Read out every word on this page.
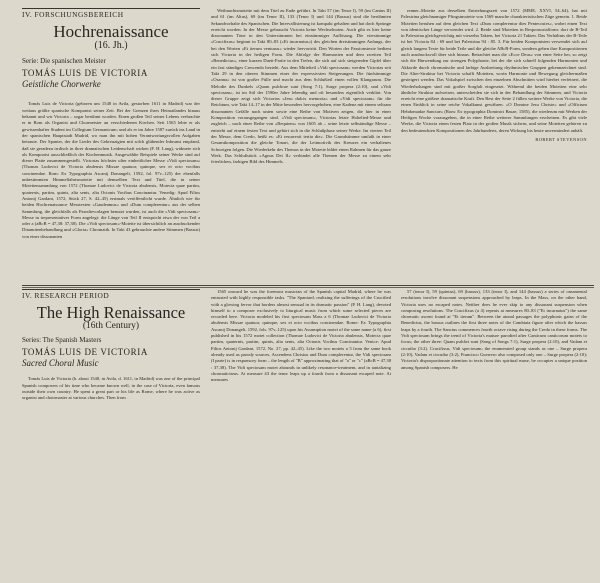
IV. FORSCHUNGSBEREICH
Hochrenaissance
(16. Jh.)
Serie: Die spanischen Meister
TOMÁS LUIS DE VICTORIA
Geistliche Chorwerke

Tomás Luis de Victoria (geboren um 1548 in Avila, gestorben 1611 in Madrid) war der weitaus größte spanische Komponist seiner Zeit. Bei der Grenzen ihres Heimatlandes hinaus bekannt und wir Victoria – sogar berühmt worden. Einen großen Teil seines Lebens verbrachte er in Rom als Organist und Chormeister an verschiedenen Kirchen. Seit 1565 lebte er als gewissenhafter Student im Collegium Germanicum; und als er im Jahre 1587 zurück ins Land in der spanischen Hauptstadt Madrid, wo man ihn mit hohen Verantwortungsvollen Aufgaben betraute. Der Spanier, der die Lieder des Gekreuzigten mit solch glühender Inbrunst empfand, daß sie geradezu irrdisch in ihrer dramatischen Leidenschaft wirken (F. H. Lang), widmete sich als Komponist ausschließlich der Kirchenmusik. Ausgewählte Beispiele seiner Werke sind auf dieser Platte zusammengestellt. Victorias höchster ulter einheitlicher Messe »Vidi speciosam« (Thomas Ludovici de Victoria abulensis Missae quatuor, quinque, sex et octo vocibus concinendae. Rom: Ex Typographia Ascanij Donangeli, 1592, fol. 97v–125) der ebenfalls unbestimmten Himmelfahrtsmotette mit demselben Text und Titel, die in seiner Motettensammlung von 1572 (Thomae Ludovici de Victoria abulensis, Motecta quae partim, quaternis, partim, quinis, alia senis, alia Octonis Vocibus Concinantur. Venedig: Apud Filios Antonij Gardani, 1572, Stück 27, S. 42–45) erstmals veröffentlicht wurde. Ähnlich wie für beiden Hochrenaissance Messtexten »Gaudeamus« und »Dum complerentur« aus der selben Sammlung, die gleichfalls als Parodievorlagen benutzt wurden, ist auch die »Vidi speciosam«-Messe in trepresentativer Form angelegt: die Länge von Teil II entspricht etwa der von Teil a oder a (aBcB = 47,38: 37,38). Die »Vidi speciosam«-Motette ist übersichtlich an ausdruckender Dinamitenbehandlung und »Gloria« Chromatik. In Takt 43 gebrauchte andere Stimmen (Bassus) von einer dissonanten

Weihnachtsmotette mit dem Titel zu Ende geführt. In Takt 57 (im Tenor I), 59 (im Cantus II) und 61 (im Altus), 69 (im Tenor II), 133 (Tenor I) und 144 (Bassus) sind die berühmten Sekundvorhalte des Spanischen. Die Intervallisierung ist kompakt gehalten und hat doch Sprünge erreicht worden. In der Messe gebraucht Victoria keine Wechselnoten. Auch gibt es hier keine dissonanten Töne in den Unterstimmen bei einstimmiger Auflösung. Die vierstimmige »Crucifixus« beginnt in Takt 80–83 (»Et incarnatus«) des gleichen dreistimmigen Anfangs, der bei den Worten »Et iterum venturus« wieder hervortritt. Den Worten der Passionstexte bedient sich Victoria in der heiligen Form. Die Abfolge der Harmonien und dem zweiten Teil »Benedictus«, einer kurzen Duett-Partie in den Tiefen, die sich auf sich steigernden Gipfel über ein fast ständiges Crescendo bezieht. Aus dem Mittelteil »Vidi speciosam« werden Victorias seit Takt 29 in den oberen Stimmen einer der expressivsten Steigerungen. Die fünfstimmige »Osanna« ist von großer Fülle und macht aus dem Schlußteil einen vollen Klangraum. Die Melodie des Dunkels »Quam pulchrae sunt (Song 7:1), Surge propera (2:10), und »Vidi speciosam«, ist im Stil der 1590er Jahre lebendig und oft besonders eigentlich verklärt. Von dieser Gruppe zeigt sich Victorias »Jesu dulcis memoria« und »Vidi speciosam« für die Reichtum, wie Takt 14–17 in der Mitte besonders hervorgehoben, eine Kadenz mit einem seltsam dissonanten Gefälle nach unten sowie eine Reihe von Motiven zeigen, die hier in einer Komposition vorausgegangen sind. »Vidi speciosam«, Victorias letzte Hohelied-Messe und zugleich – nach einer Reihe von »Requiem« von 1605 ab – seine letzte selbständige Messe – entsteht auf einem festen Text und gehört sich in die Schlußphase seiner Werke. Im vierten Teil der Messe, dem Credo, heißt es: »Et resurrexit tertia die«. Die Grundstimme umfaßt in einer Gesamtkomposition die gleiche Tonart, die der Leitmotivik des Kreuzes ein verhaltenes Schweigen folgen. Die Wiederkehr des Themas in der Motette bildet einen Rahmen für das ganze Werk. Das Schlußstück »Agnus Dei II« verbindet alle Themen der Messe zu einem sehr feierlichen, farbigen Bild des Himmels.

renner–Motette aus derselben Entstehungszeit von 1572 (MME, XXVI, 54–64), hat mit Palestrina gleichnamiger Pfingstmotette von 1569 manche charakteristischen Züge gemein. 1. Beide Motetten beruhen auf dem gleichen Text »Dum complerentur dies Pentecostes«, wobei einen Text von identischer Länge verwendet wird. 2. Beide sind Motetten in Responsorialform: dort de B-Teil in Palestrina gleichgewichtig mit vierzehn Takten, bei Victoria 21 Takten. Das Verhältnis der B-Teile ist bei Victoria 84 : 69 und bei Palestrina 94 : 85. 3. Für beiden Komponisten verwendet sich auf gleich langem Texte für beide Teile und die gleiche ABcB-Form, sondern gehen ihre Kompositionen auch ausdrucksvoll über sich hinaus. Betrachtet man die »Ecce Deus« von einer Seite her, so zeigt sich die Hinwendung zur strengen Polyphonie, bei der die sich schnell folgenden Harmonien und Akkorde durch chromatische und farbige Ausbreitung rhythmischer Gruppen gekennzeichnet sind. Die Alter-Struktur bei Victoria schafft Motetten, worin Harmonie und Bewegung gleichermaßen gesteigert werden. Das Vokalspiel zwischen den einzelnen Abschnitten wird hierbei verfeinert, die Wiederholungen sind mit großer Sorgfalt eingesetzt. Während die beiden Motetten eine sehr ähnliche Struktur aufweisen, unterscheiden sie sich in der Behandlung der Stimmen, und Victoria erreicht eine größere dramatische Kraft. Den Rest der Seite 2 füllen weitere Werke von Victoria, die einen Einblick in seine reiche Vokalkunst gewähren. »O Domine Jesu Christe« und »Officium Hebdomadae Sanctae« (Rom: Ex typographia Dominici Basae, 1585), die wiederum mit Werken der Heiligen Woche vorausgehen, die in einer Reihe weiterer Sammlungen erscheinen. Es gibt viele Werke, die Victoria einen festen Platz in der großen Musik sichern, und seine Motetten gehören zu den bedeutendsten Kompositionen des Jahrhunderts, deren Wirkung bis heute unvermindert anhält.

ROBERT STEVENSON
IV. RESEARCH PERIOD
The High Renaissance
(16th Century)
Series: The Spanish Masters
TOMÁS LUIS DE VICTORIA
Sacred Choral Music

Tomás Luis de Victoria (b. about 1548, in Avila, d. 1611, in Madrid) was one of the principal Spanish composers of his time who became known well, in the case of Victoria, even famous outside their own country. He spent a great part or his life as Rome, where he was active as organist and choirmaster at various churches. Then from

1565 onward he was the foremost musician of the Spanish capital Madrid, where he was entrusted with highly responsible tasks. "The Spaniard, realizing the sufferings of the Crucified with a glowing fervor that borders almost sensual in its dramatic passion" (P. H. Lang), devoted himself to a composer exclusively to liturgical music from which some selected pieces are recorded here. Victoria modeled his first speciosam Mass a 6 (Thomae Ludovici de Victoria abulensis Missae quatuor, quinque, sex et octo vocibus concinendae. Rome: Ex Typographia Ascanij Donangeli, 1592, fols. 97v–125) upon his Assumption motet of the same name (a 6), first published in his 1572 motet collection (Thomae Ludovici de Victoria abulensis, Motecta quae partim, quaternis, partim, quinis, alia senis, alia Octonis Vocibus Concinantur. Venice: Apud Filios Antonij Gardani, 1572, No. 27, pp. 42–45). Like the two motets a 5 from the same book already used as parody sources, Ascendens Christus and Dum complerentur, the Vidi speciosam (I parte) is in responsory form – the length of "B" approximating that of "a" or "c" (aBcB = 47,38 : 37,38). The Vidi speciosam motet abounds in unlikely resonance-treatment, and in tantalizing chromaticisms. At measure 43 the tenor leaps up a fourth from a dissonant escaped note. At measures

57 (tenor I), 59 (quintus), 69 (bassus), 133 (tenor I), and 144 (bassus) a series of ornamental resolutions involve dissonant suspensions approached by leaps. In the Mass, on the other hand, Victoria uses no escaped notes. Neither does he ever skip to any dissonant suspension when composing resolutions. The Crucifixus (a 4) repeats at measures 80–83 ("Et incarnatus") the same chromatic ascent found at "Et iterum". Between the atonal passages the polyphonic gains of the Benedictus, the bassus outlines the first three notes of the Cambiata figure after which the bassus leaps by a fourth. The Sanctus commences fourth octave rising during the Credo in these forms. The Vidi speciosam brings the trend of Victoria's mature parodied after Canticum canticorum motets to focus; the other three: Quam pulchri sunt (Song of Songs 7:1), Surge propera (2:10), and Vadam et circuibo (3:2). Crucifixus, Vidi speciosam; the enumerated group stands as one – Surge propera (2:10), Vadam et circuibo (3:2), Francisco Guerrero also composed only one – Surge propera (2:10); Victoria's disproportionate attention to texts from this spiritual muse, he occupies a unique position among Spanish composers. He
